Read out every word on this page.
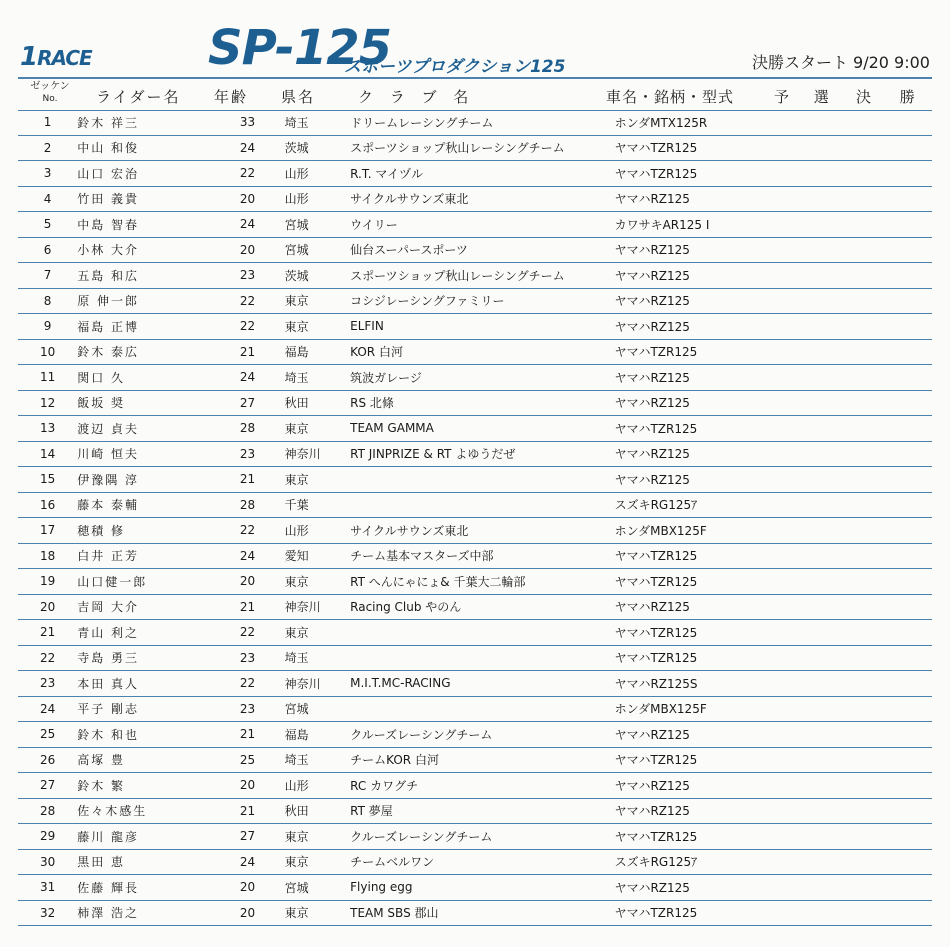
1RACE SP-125
スポーツプロダクション125	決勝スタート 9/20 9:00
ゼッケン
No.	ライダー名 年齢 県名	ク ラ ブ 名	車名・銘柄・型式	予 選 決 勝
1	鈴木 祥三	33	埼玉	ドリームレーシングチーム	ホンダMTX125R		
2	中山 和俊	24	茨城	スポーツショップ秋山レーシングチーム	ヤマハTZR125		
3	山口 宏治	22	山形	R.T. マイヅル	ヤマハTZR125		
4	竹田 義貴	20	山形	サイクルサウンズ東北	ヤマハRZ125		
5	中島 智春	24	宮城	ウイリー	カワサキAR125 Ⅰ		
6	小林 大介	20	宮城	仙台スーパースポーツ	ヤマハRZ125		
7	五島 和広	23	茨城	スポーツショップ秋山レーシングチーム	ヤマハRZ125		
8	原 伸一郎	22	東京	コシジレーシングファミリー	ヤマハRZ125		
9	福島 正博	22	東京	ELFIN	ヤマハRZ125		
10	鈴木 泰広	21	福島	KOR 白河	ヤマハTZR125		
11	関口 久	24	埼玉	筑波ガレージ	ヤマハRZ125		
12	飯坂 奨	27	秋田	RS 北條	ヤマハRZ125		
13	渡辺 貞夫	28	東京	TEAM GAMMA	ヤマハTZR125		
14	川崎 恒夫	23	神奈川	RT JINPRIZE & RT よゆうだぜ	ヤマハRZ125		
15	伊豫隅 淳	21	東京		ヤマハRZ125		
16	藤本 泰輔	28	千葉		スズキRG125ｱ		
17	穂積 修	22	山形	サイクルサウンズ東北	ホンダMBX125F		
18	白井 正芳	24	愛知	チーム基本マスターズ中部	ヤマハTZR125		
19	山口健一郎	20	東京	RT へんにゃにょ& 千葉大二輪部	ヤマハTZR125		
20	吉岡 大介	21	神奈川	Racing Club やのん	ヤマハRZ125		
21	青山 利之	22	東京		ヤマハTZR125		
22	寺島 勇三	23	埼玉		ヤマハTZR125		
23	本田 真人	22	神奈川	M.I.T.MC-RACING	ヤマハRZ125S		
24	平子 剛志	23	宮城		ホンダMBX125F		
25	鈴木 和也	21	福島	クルーズレーシングチーム	ヤマハRZ125		
26	高塚 豊	25	埼玉	チームKOR 白河	ヤマハTZR125		
27	鈴木 繁	20	山形	RC カワグチ	ヤマハRZ125		
28	佐々木感生	21	秋田	RT 夢屋	ヤマハRZ125		
29	藤川 龍彦	27	東京	クルーズレーシングチーム	ヤマハTZR125		
30	黒田 恵	24	東京	チームベルワン	スズキRG125ｱ		
31	佐藤 輝長	20	宮城	Flying egg	ヤマハRZ125		
32	柿澤 浩之	20	東京	TEAM SBS 郡山	ヤマハTZR125		
